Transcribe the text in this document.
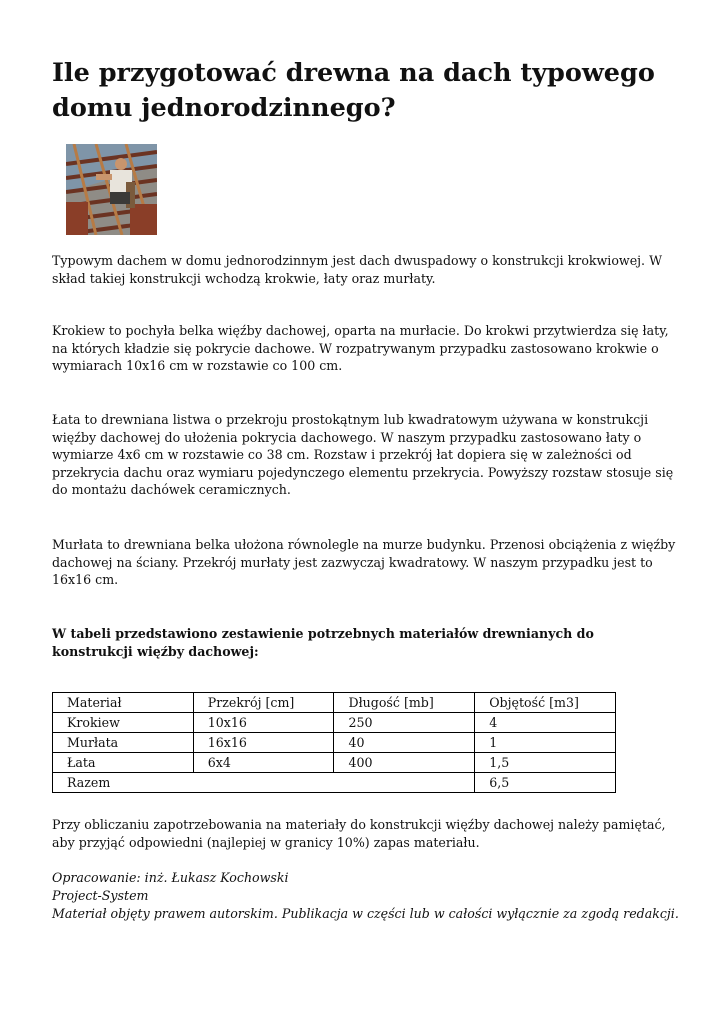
Ile przygotować drewna na dach typowego domu jednorodzinnego?

Typowym dachem w domu jednorodzinnym jest dach dwuspadowy o konstrukcji krokwiowej. W skład takiej konstrukcji wchodzą krokwie, łaty oraz murłaty.

Krokiew to pochyła belka więźby dachowej, oparta na murłacie. Do krokwi przytwierdza się łaty, na których kładzie się pokrycie dachowe. W rozpatrywanym przypadku zastosowano krokwie o wymiarach 10x16 cm w rozstawie co 100 cm.

Łata to drewniana listwa o przekroju prostokątnym lub kwadratowym używana w konstrukcji więźby dachowej do ułożenia pokrycia dachowego. W naszym przypadku zastosowano łaty o wymiarze 4x6 cm w rozstawie co 38 cm. Rozstaw i przekrój łat dopiera się w zależności od przekrycia dachu oraz wymiaru pojedynczego elementu przekrycia. Powyższy rozstaw stosuje się do montażu dachówek ceramicznych.

Murłata to drewniana belka ułożona równolegle na murze budynku. Przenosi obciążenia z więźby dachowej na ściany. Przekrój murłaty jest zazwyczaj kwadratowy. W naszym przypadku jest to 16x16 cm.

W tabeli przedstawiono zestawienie potrzebnych materiałów drewnianych do konstrukcji więźby dachowej:

Materiał	Przekrój [cm]	Długość [mb]	Objętość [m3]
Krokiew	10x16	250	4
Murłata	16x16	40	1
Łata	6x4	400	1,5
Razem			6,5

Przy obliczaniu zapotrzebowania na materiały do konstrukcji więźby dachowej należy pamiętać, aby przyjąć odpowiedni (najlepiej w granicy 10%) zapas materiału.

Opracowanie: inż. Łukasz Kochowski
Project-System
Materiał objęty prawem autorskim. Publikacja w części lub w całości wyłącznie za zgodą redakcji.
